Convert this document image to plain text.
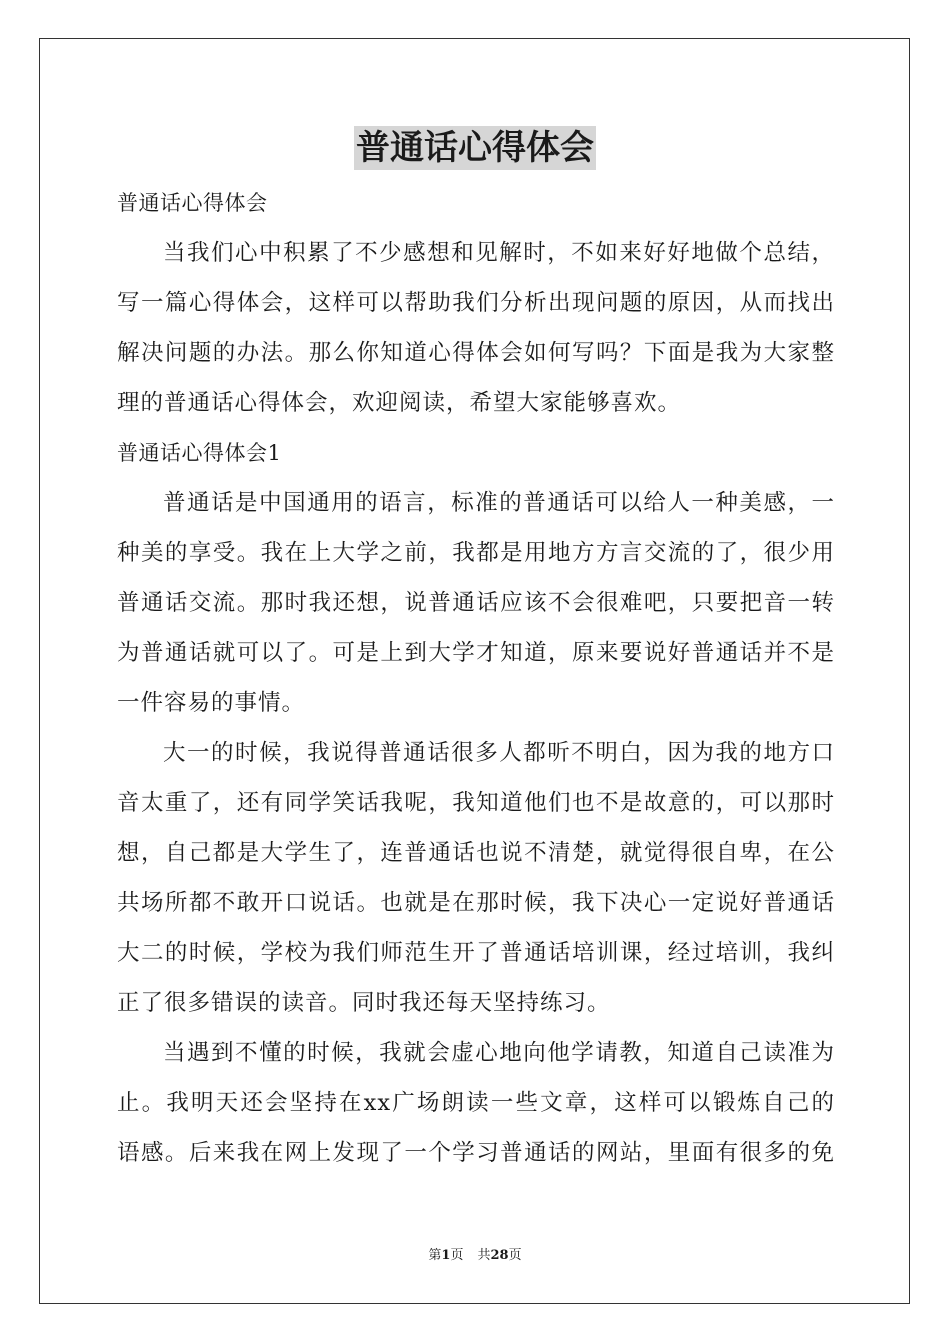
普通话心得体会
普通话心得体会
当我们心中积累了不少感想和见解时，不如来好好地做个总结，
写一篇心得体会，这样可以帮助我们分析出现问题的原因，从而找出
解决问题的办法。那么你知道心得体会如何写吗？下面是我为大家整
理的普通话心得体会，欢迎阅读，希望大家能够喜欢。
普通话心得体会1
普通话是中国通用的语言，标准的普通话可以给人一种美感，一
种美的享受。我在上大学之前，我都是用地方方言交流的了，很少用
普通话交流。那时我还想，说普通话应该不会很难吧，只要把音一转
为普通话就可以了。可是上到大学才知道，原来要说好普通话并不是
一件容易的事情。
大一的时候，我说得普通话很多人都听不明白，因为我的地方口
音太重了，还有同学笑话我呢，我知道他们也不是故意的，可以那时
想，自己都是大学生了，连普通话也说不清楚，就觉得很自卑，在公
共场所都不敢开口说话。也就是在那时候，我下决心一定说好普通话
大二的时候，学校为我们师范生开了普通话培训课，经过培训，我纠
正了很多错误的读音。同时我还每天坚持练习。
当遇到不懂的时候，我就会虚心地向他学请教，知道自己读准为
止。我明天还会坚持在xx广场朗读一些文章，这样可以锻炼自己的
语感。后来我在网上发现了一个学习普通话的网站，里面有很多的免
第1页 共28页
